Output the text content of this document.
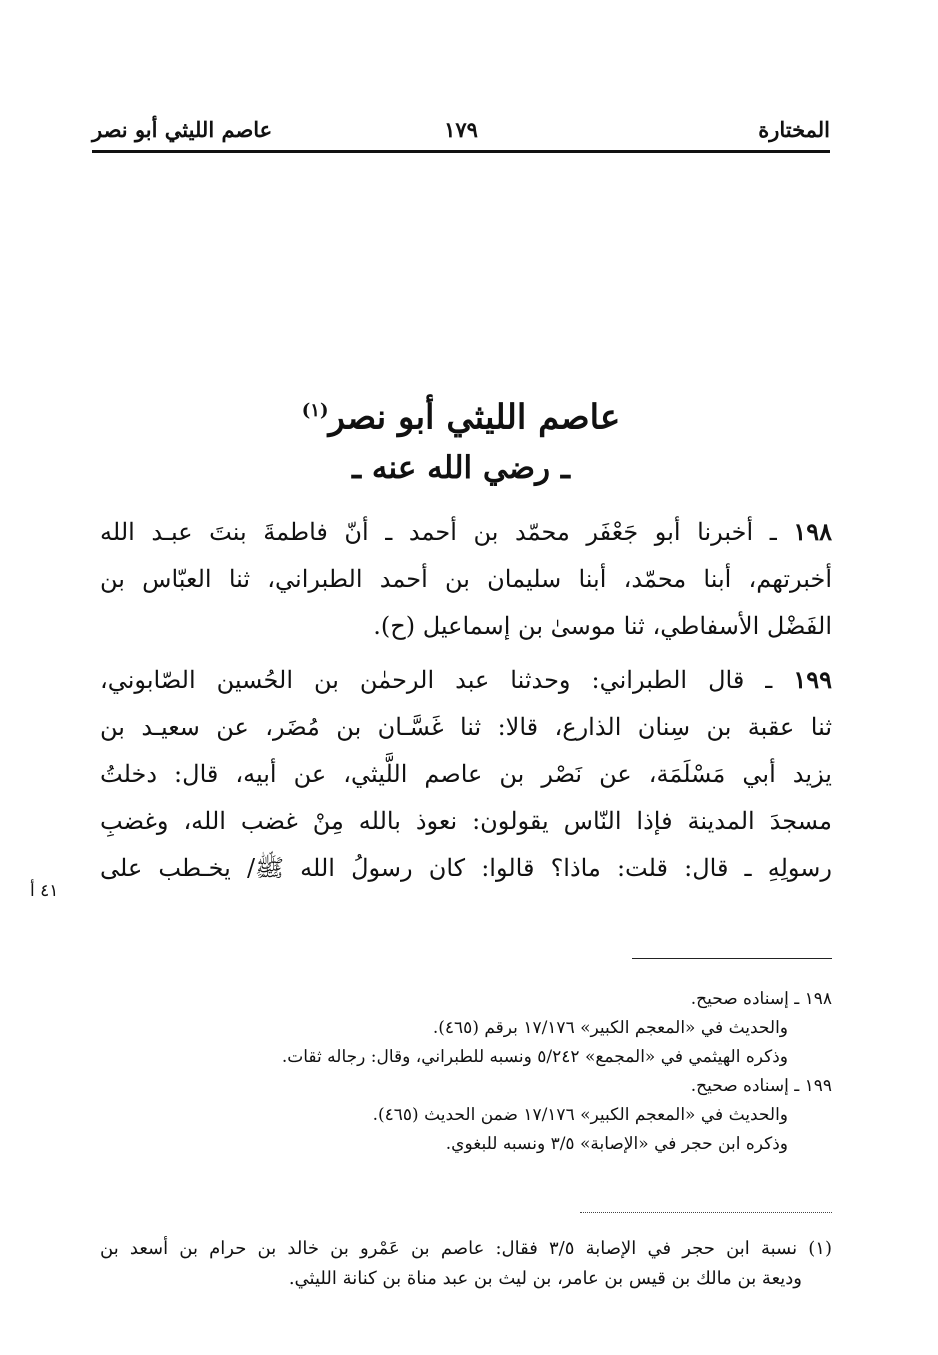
المختارة
١٧٩
عاصم الليثي أبو نصر
عاصم الليثي أبو نصر$^{(١)}$
ـ رضي الله عنه ـ
١٩٨ ـ أخبرنا أبو جَعْفَر محمّد بن أحمد ـ أنّ فاطمةَ بنتَ عبـد الله
أخبرتهم، أبنا محمّد، أبنا سليمان بن أحمد الطبراني، ثنا العبّاس بن
الفَضْل الأسفاطي، ثنا موسىٰ بن إسماعيل (ح).
١٩٩ ـ قال الطبراني: وحدثنا عبد الرحمٰن بن الحُسين الصّابوني،
ثنا عقبة بن سِنان الذارع، قالا: ثنا غَسَّـان بن مُضَر، عن سعيـد بن
يزيد أبي مَسْلَمَة، عن نَصْر بن عاصم اللَّيثي، عن أبيه، قال: دخلتُ
مسجدَ المدينة فإذا النّاس يقولون: نعوذ بالله مِنْ غضب الله، وغضبِ
رسولِهِ ـ قال: قلت: ماذا؟ قالوا: كان رسولُ الله ﷺ/ يخـطب على
٤١ أ
١٩٨ ـ إسناده صحيح.
والحديث في «المعجم الكبير» ١٧/١٧٦ برقم (٤٦٥).
وذكره الهيثمي في «المجمع» ٥/٢٤٢ ونسبه للطبراني، وقال: رجاله ثقات.
١٩٩ ـ إسناده صحيح.
والحديث في «المعجم الكبير» ١٧/١٧٦ ضمن الحديث (٤٦٥).
وذكره ابن حجر في «الإصابة» ٣/٥ ونسبه للبغوي.
(١) نسبة ابن حجر في الإصابة ٣/٥ فقال: عاصم بن عَمْرو بن خالد بن حرام بن أسعد بن
وديعة بن مالك بن قيس بن عامر، بن ليث بن عبد مناة بن كنانة الليثي.
